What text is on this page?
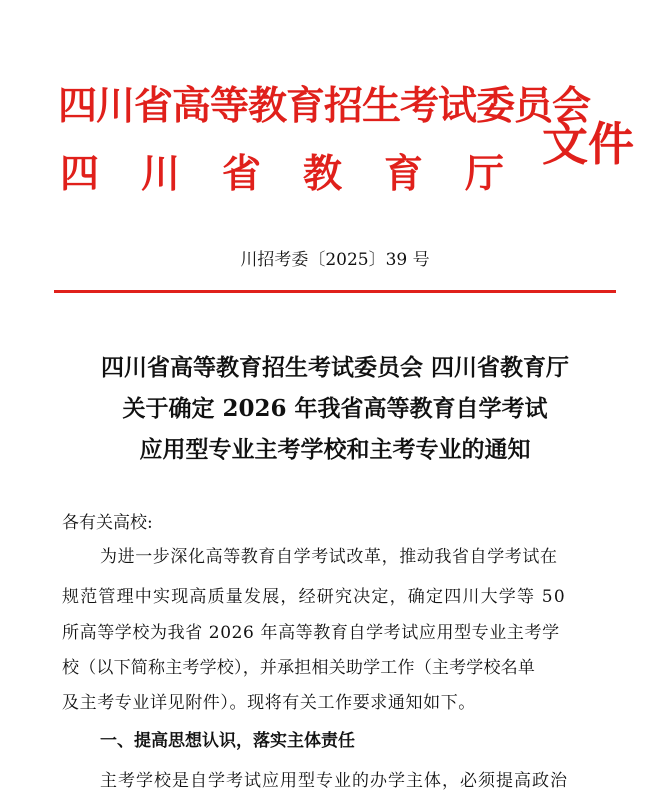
四川省高等教育招生考试委员会
四川省教育厅
文件
川招考委〔2025〕39 号
四川省高等教育招生考试委员会 四川省教育厅
关于确定 2026 年我省高等教育自学考试
应用型专业主考学校和主考专业的通知
各有关高校:
为进一步深化高等教育自学考试改革，推动我省自学考试在
规范管理中实现高质量发展，经研究决定，确定四川大学等 50
所高等学校为我省 2026 年高等教育自学考试应用型专业主考学
校（以下简称主考学校），并承担相关助学工作（主考学校名单
及主考专业详见附件）。现将有关工作要求通知如下。
一、提高思想认识，落实主体责任
主考学校是自学考试应用型专业的办学主体，必须提高政治
